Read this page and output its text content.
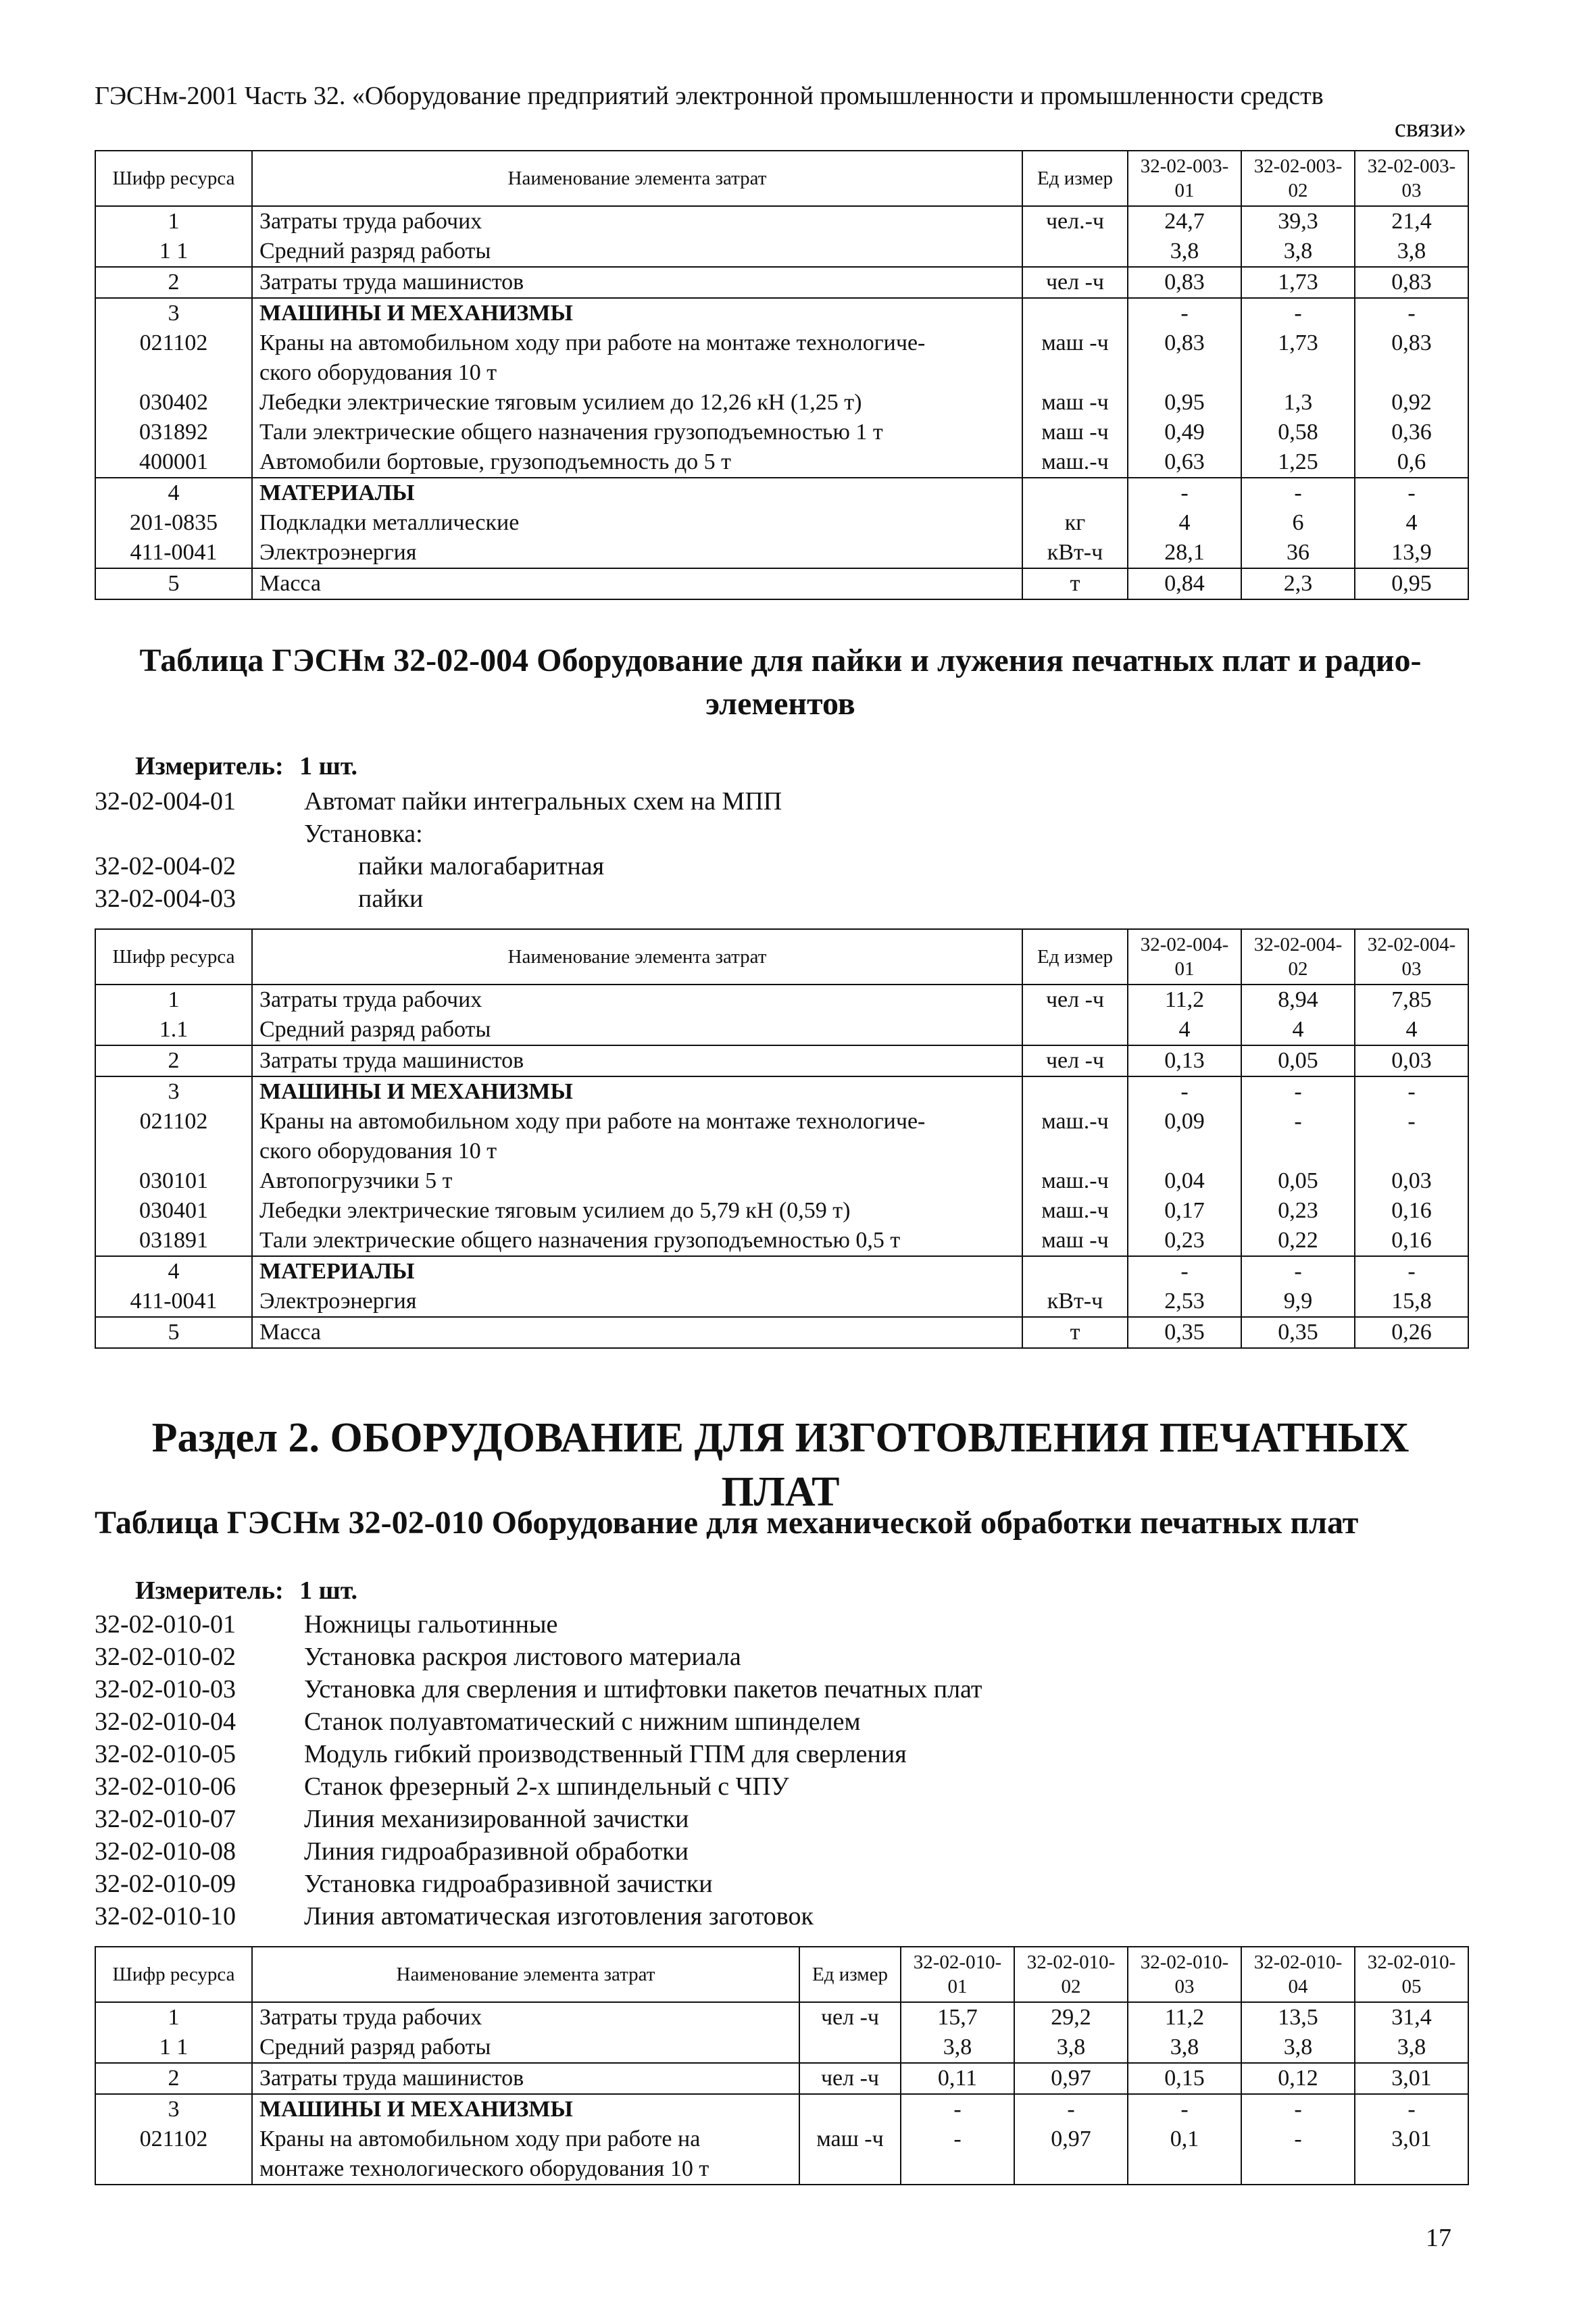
ГЭСНм-2001 Часть 32. «Оборудование предприятий электронной промышленности и промышленности средств
связи»
Шифр ресурса	Наименование элемента затрат	Ед измер	32-02-003-01	32-02-003-02	32-02-003-03
1	Затраты труда рабочих	чел.-ч	24,7	39,3	21,4
1 1	Средний разряд работы		3,8	3,8	3,8
2	Затраты труда машинистов	чел -ч	0,83	1,73	0,83
3	МАШИНЫ И МЕХАНИЗМЫ		-	-	-
021102	Краны на автомобильном ходу при работе на монтаже технологиче-	маш -ч	0,83	1,73	0,83
	ского оборудования 10 т				
030402	Лебедки электрические тяговым усилием до 12,26 кН (1,25 т)	маш -ч	0,95	1,3	0,92
031892	Тали электрические общего назначения грузоподъемностью 1 т	маш -ч	0,49	0,58	0,36
400001	Автомобили бортовые, грузоподъемность до 5 т	маш.-ч	0,63	1,25	0,6
4	МАТЕРИАЛЫ		-	-	-
201-0835	Подкладки металлические	кг	4	6	4
411-0041	Электроэнергия	кВт-ч	28,1	36	13,9
5	Масса	т	0,84	2,3	0,95
Таблица ГЭСНм 32-02-004 Оборудование для пайки и лужения печатных плат и радио-
элементов
Измеритель: 1 шт.
32-02-004-01	Автомат пайки интегральных схем на МПП
Установка:
32-02-004-02	пайки малогабаритная
32-02-004-03	пайки
Шифр ресурса	Наименование элемента затрат	Ед измер	32-02-004-01	32-02-004-02	32-02-004-03
1	Затраты труда рабочих	чел -ч	11,2	8,94	7,85
1.1	Средний разряд работы		4	4	4
2	Затраты труда машинистов	чел -ч	0,13	0,05	0,03
3	МАШИНЫ И МЕХАНИЗМЫ		-	-	-
021102	Краны на автомобильном ходу при работе на монтаже технологиче-	маш.-ч	0,09	-	-
	ского оборудования 10 т				
030101	Автопогрузчики 5 т	маш.-ч	0,04	0,05	0,03
030401	Лебедки электрические тяговым усилием до 5,79 кН (0,59 т)	маш.-ч	0,17	0,23	0,16
031891	Тали электрические общего назначения грузоподъемностью 0,5 т	маш -ч	0,23	0,22	0,16
4	МАТЕРИАЛЫ		-	-	-
411-0041	Электроэнергия	кВт-ч	2,53	9,9	15,8
5	Масса	т	0,35	0,35	0,26
Раздел 2. ОБОРУДОВАНИЕ ДЛЯ ИЗГОТОВЛЕНИЯ ПЕЧАТНЫХ ПЛАТ
Таблица ГЭСНм 32-02-010 Оборудование для механической обработки печатных плат
Измеритель: 1 шт.
32-02-010-01	Ножницы гальотинные
32-02-010-02	Установка раскроя листового материала
32-02-010-03	Установка для сверления и штифтовки пакетов печатных плат
32-02-010-04	Станок полуавтоматический с нижним шпинделем
32-02-010-05	Модуль гибкий производственный ГПМ для сверления
32-02-010-06	Станок фрезерный 2-х шпиндельный с ЧПУ
32-02-010-07	Линия механизированной зачистки
32-02-010-08	Линия гидроабразивной обработки
32-02-010-09	Установка гидроабразивной зачистки
32-02-010-10	Линия автоматическая изготовления заготовок
Шифр ресурса	Наименование элемента затрат	Ед измер	32-02-010-01	32-02-010-02	32-02-010-03	32-02-010-04	32-02-010-05
1	Затраты труда рабочих	чел -ч	15,7	29,2	11,2	13,5	31,4
1 1	Средний разряд работы		3,8	3,8	3,8	3,8	3,8
2	Затраты труда машинистов	чел -ч	0,11	0,97	0,15	0,12	3,01
3	МАШИНЫ И МЕХАНИЗМЫ		-	-	-	-	-
021102	Краны на автомобильном ходу при работе на	маш -ч	-	0,97	0,1	-	3,01
	монтаже технологического оборудования 10 т						
17
